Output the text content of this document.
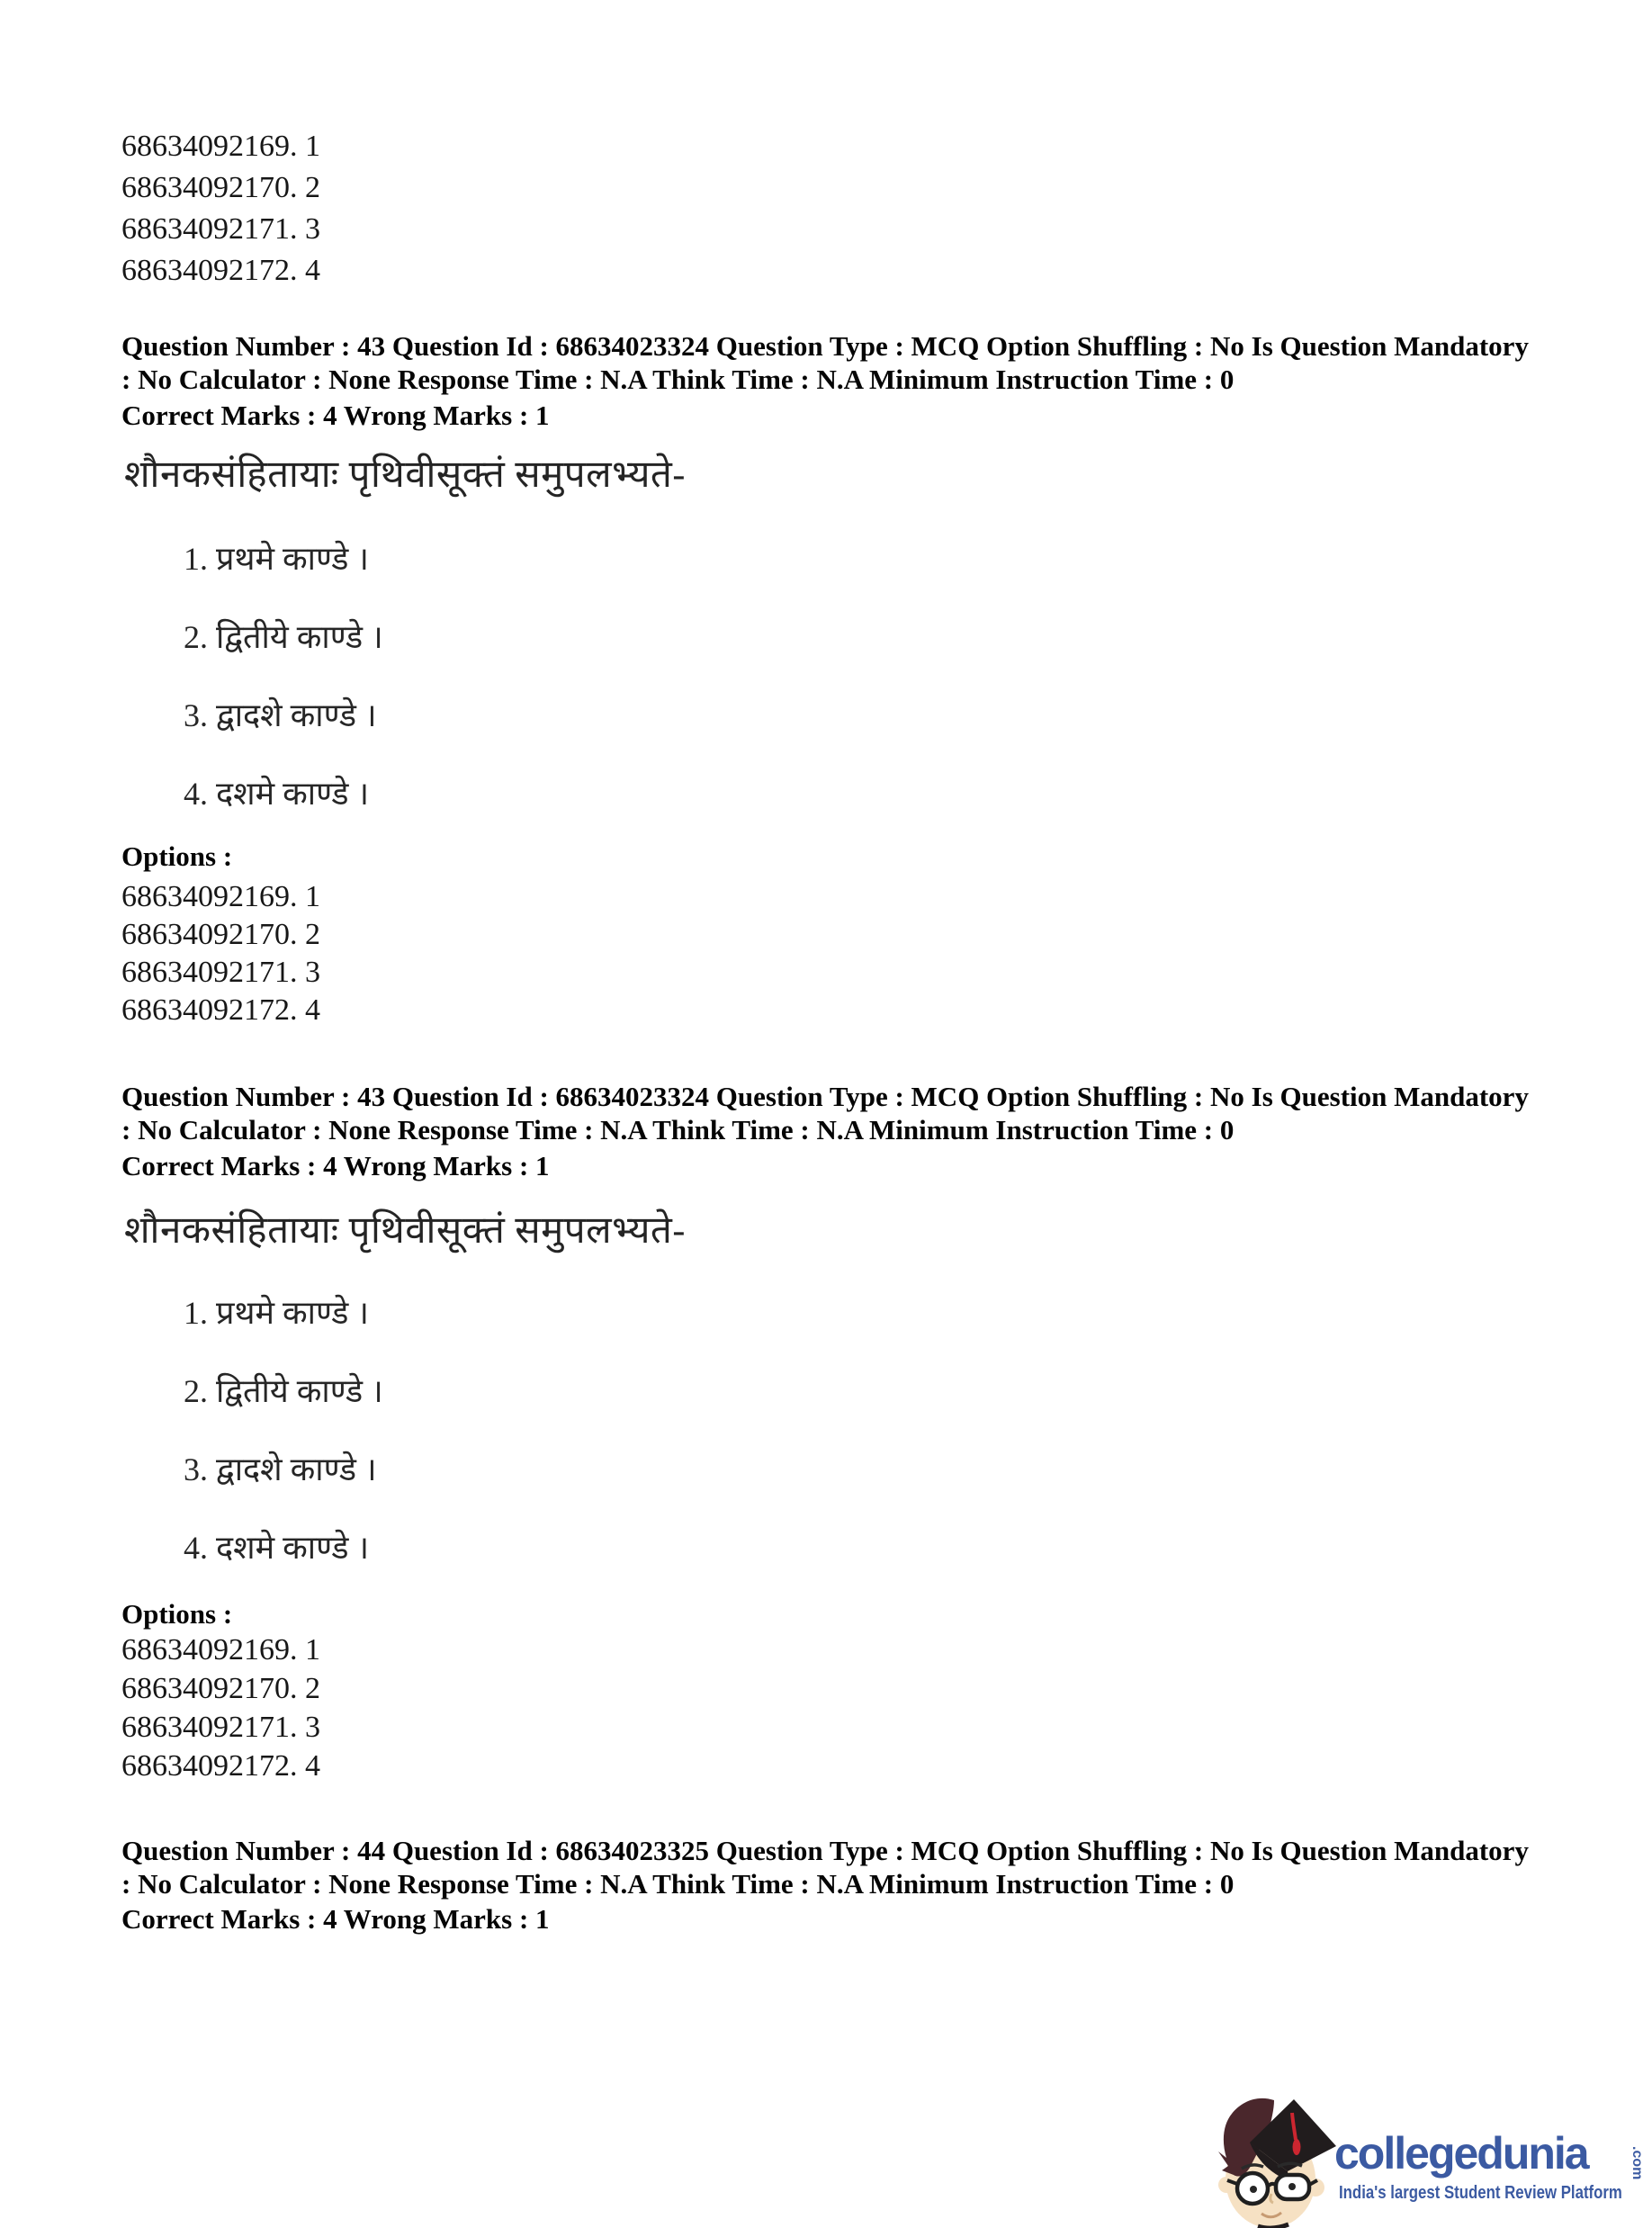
68634092169. 1
68634092170. 2
68634092171. 3
68634092172. 4
Question Number : 43 Question Id : 68634023324 Question Type : MCQ Option Shuffling : No Is Question Mandatory
: No Calculator : None Response Time : N.A Think Time : N.A Minimum Instruction Time : 0
Correct Marks : 4 Wrong Marks : 1
शौनकसंहितायाः पृथिवीसूक्तं समुपलभ्यते-
1. प्रथमे काण्डे ।
2. द्वितीये काण्डे ।
3. द्वादशे काण्डे ।
4. दशमे काण्डे ।
Options :
68634092169. 1
68634092170. 2
68634092171. 3
68634092172. 4
Question Number : 43 Question Id : 68634023324 Question Type : MCQ Option Shuffling : No Is Question Mandatory
: No Calculator : None Response Time : N.A Think Time : N.A Minimum Instruction Time : 0
Correct Marks : 4 Wrong Marks : 1
शौनकसंहितायाः पृथिवीसूक्तं समुपलभ्यते-
1. प्रथमे काण्डे ।
2. द्वितीये काण्डे ।
3. द्वादशे काण्डे ।
4. दशमे काण्डे ।
Options :
68634092169. 1
68634092170. 2
68634092171. 3
68634092172. 4
Question Number : 44 Question Id : 68634023325 Question Type : MCQ Option Shuffling : No Is Question Mandatory
: No Calculator : None Response Time : N.A Think Time : N.A Minimum Instruction Time : 0
Correct Marks : 4 Wrong Marks : 1
collegedunia	.com
India's largest Student Review Platform
